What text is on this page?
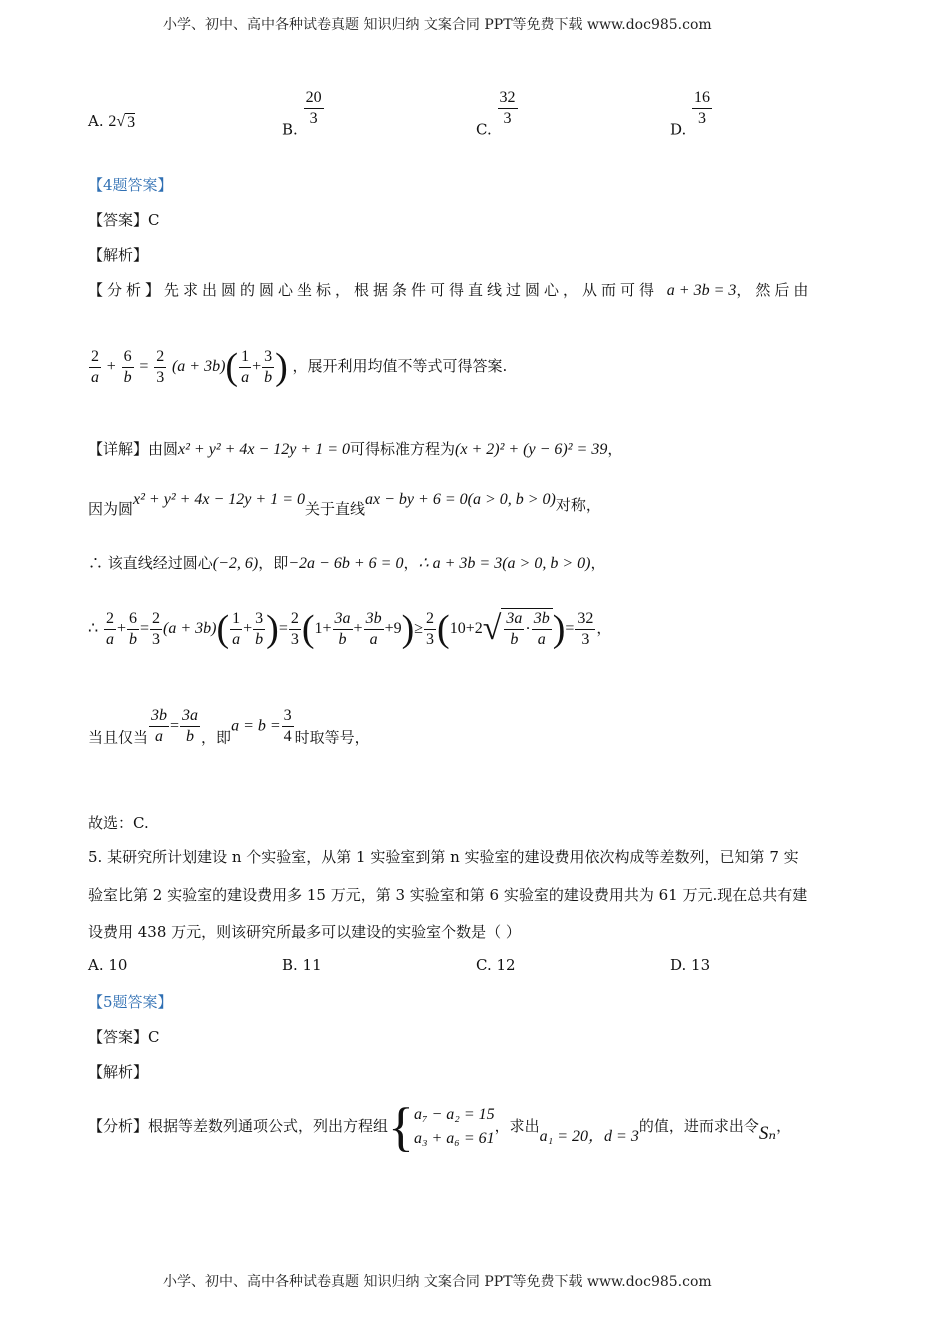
小学、初中、高中各种试卷真题 知识归纳 文案合同 PPT等免费下载 www.doc985.com
小学、初中、高中各种试卷真题 知识归纳 文案合同 PPT等免费下载 www.doc985.com
A. 2√ 3	B.
$\frac{20}{3}$
C.
$\frac{32}{3}$
D.
$\frac{16}{3}$
【4题答案】
【答案】C
【解析】
【分析】先求出圆的圆心坐标，根据条件可得直线过圆心，从而可得 a + 3b = 3，然后由
$\frac{2}{a} + \frac{6}{b} = \frac{2}{3} (a + 3b)( \frac{1}{a} + \frac{3}{b}$ ) ，展开利用均值不等式可得答案.
【详解】由圆x² + y² + 4x − 12y + 1 = 0可得标准方程为(x + 2)² + (y − 6)² = 39，
因为圆x² + y² + 4x − 12y + 1 = 0关于直线ax − by + 6 = 0(a > 0, b > 0)对称，
∴ 该直线经过圆心(−2, 6)，即−2a − 6b + 6 = 0，∴ a + 3b = 3(a > 0, b > 0)，
∴ $\frac{2}{a} + \frac{6}{b} = \frac{2}{3} (a + 3b)( \frac{1}{a} + \frac{3}{b}$ )= $\frac{2}{3} (1+ \frac{3a}{b} + \frac{3b}{a} +9)\ge \frac{2}{3} (10+2√ \frac{3a}{b} \cdot \frac{3b}{a}$ )= $\frac{32}{3}$ ，
当且仅当 $\frac{3b}{a} = \frac{3a}{b}$ ，即$a = b = \frac{3}{4}$ 时取等号，
故选：C.
5. 某研究所计划建设 n 个实验室，从第 1 实验室到第 n 实验室的建设费用依次构成等差数列，已知第 7 实
验室比第 2 实验室的建设费用多 15 万元，第 3 实验室和第 6 实验室的建设费用共为 61 万元.现在总共有建
设费用 438 万元，则该研究所最多可以建设的实验室个数是（ ）
A. 10	B. 11	C. 12	D. 13
【5题答案】
【答案】C
【解析】
【分析】根据等差数列通项公式，列出方程组{ a₇ − a₂ = 15
a₃ + a₆ = 61
，求出a₁ = 20，d = 3的值，进而求出令Sₙ，
